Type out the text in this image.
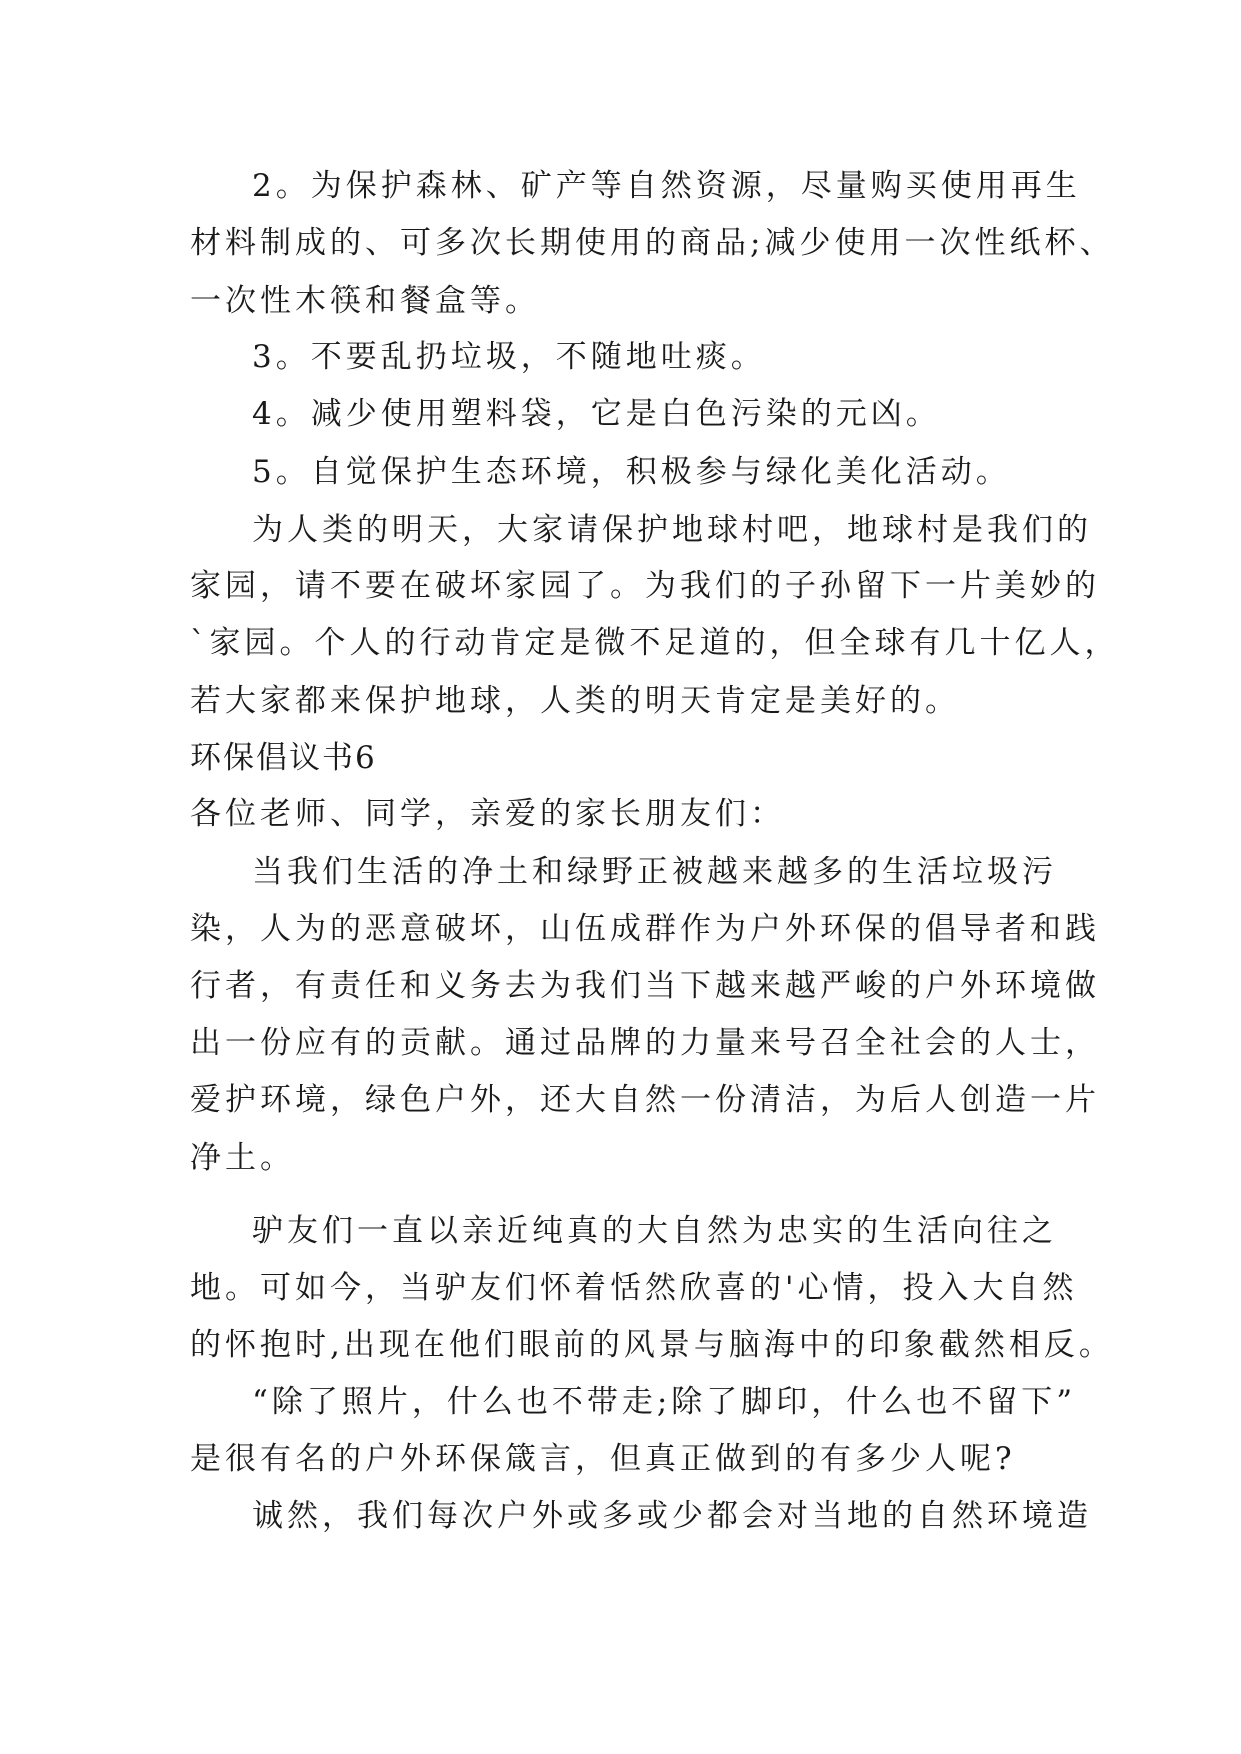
2。为保护森林、矿产等自然资源，尽量购买使用再生
材料制成的、可多次长期使用的商品;减少使用一次性纸杯、
一次性木筷和餐盒等。
3。不要乱扔垃圾，不随地吐痰。
4。减少使用塑料袋，它是白色污染的元凶。
5。自觉保护生态环境，积极参与绿化美化活动。
为人类的明天，大家请保护地球村吧，地球村是我们的
家园，请不要在破坏家园了。为我们的子孙留下一片美妙的
`家园。个人的行动肯定是微不足道的，但全球有几十亿人，
若大家都来保护地球，人类的明天肯定是美好的。
环保倡议书6
各位老师、同学，亲爱的家长朋友们：
当我们生活的净土和绿野正被越来越多的生活垃圾污
染，人为的恶意破坏，山伍成群作为户外环保的倡导者和践
行者，有责任和义务去为我们当下越来越严峻的户外环境做
出一份应有的贡献。通过品牌的力量来号召全社会的人士，
爱护环境，绿色户外，还大自然一份清洁，为后人创造一片
净土。
驴友们一直以亲近纯真的大自然为忠实的生活向往之
地。可如今，当驴友们怀着恬然欣喜的'心情，投入大自然
的怀抱时,出现在他们眼前的风景与脑海中的印象截然相反。
“除了照片，什么也不带走;除了脚印，什么也不留下”
是很有名的户外环保箴言，但真正做到的有多少人呢?
诚然，我们每次户外或多或少都会对当地的自然环境造
